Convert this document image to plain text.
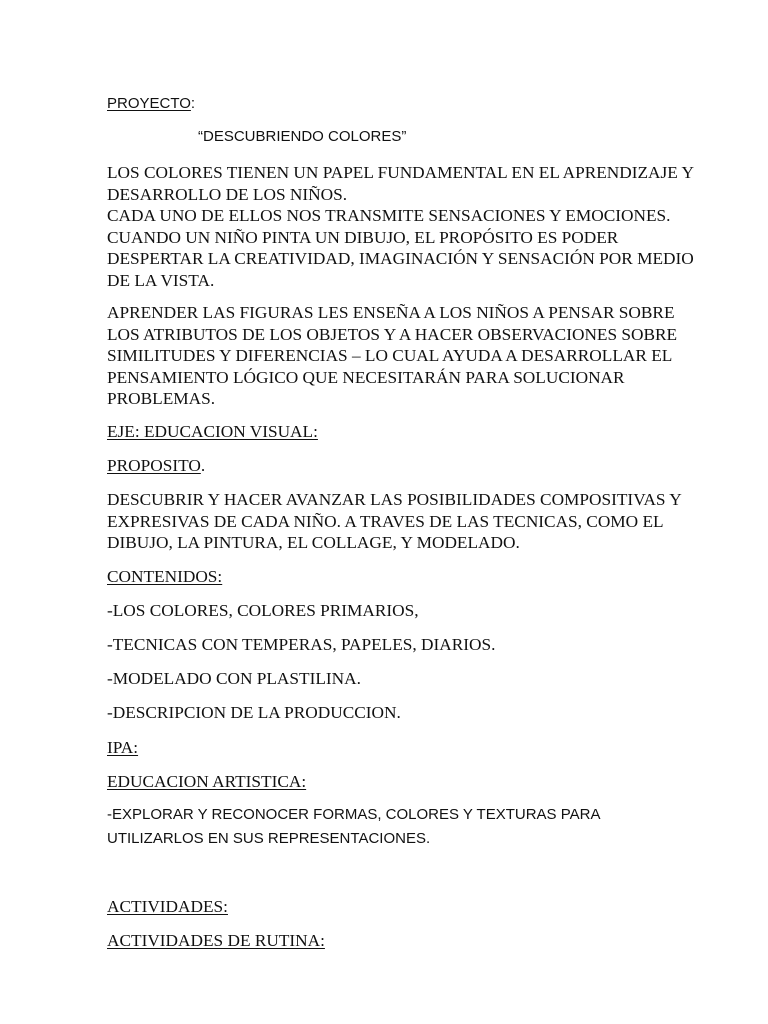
PROYECTO:
“DESCUBRIENDO COLORES”
LOS COLORES TIENEN UN PAPEL FUNDAMENTAL EN EL APRENDIZAJE Y
DESARROLLO DE LOS NIÑOS.
CADA UNO DE ELLOS NOS TRANSMITE SENSACIONES Y EMOCIONES.
CUANDO UN NIÑO PINTA UN DIBUJO, EL PROPÓSITO ES PODER
DESPERTAR LA CREATIVIDAD, IMAGINACIÓN Y SENSACIÓN POR MEDIO
DE LA VISTA.
APRENDER LAS FIGURAS LES ENSEÑA A LOS NIÑOS A PENSAR SOBRE
LOS ATRIBUTOS DE LOS OBJETOS Y A HACER OBSERVACIONES SOBRE
SIMILITUDES Y DIFERENCIAS – LO CUAL AYUDA A DESARROLLAR EL
PENSAMIENTO LÓGICO QUE NECESITARÁN PARA SOLUCIONAR
PROBLEMAS.
EJE: EDUCACION VISUAL:
PROPOSITO.
DESCUBRIR Y HACER AVANZAR LAS POSIBILIDADES COMPOSITIVAS Y
EXPRESIVAS DE CADA NIÑO. A TRAVES DE LAS TECNICAS, COMO EL
DIBUJO, LA PINTURA, EL COLLAGE, Y MODELADO.
CONTENIDOS:
-LOS COLORES, COLORES PRIMARIOS,
-TECNICAS CON TEMPERAS, PAPELES, DIARIOS.
-MODELADO CON PLASTILINA.
-DESCRIPCION DE LA PRODUCCION.
IPA:
EDUCACION ARTISTICA:
-EXPLORAR Y RECONOCER FORMAS, COLORES Y TEXTURAS PARA
UTILIZARLOS EN SUS REPRESENTACIONES.
ACTIVIDADES:
ACTIVIDADES DE RUTINA:
